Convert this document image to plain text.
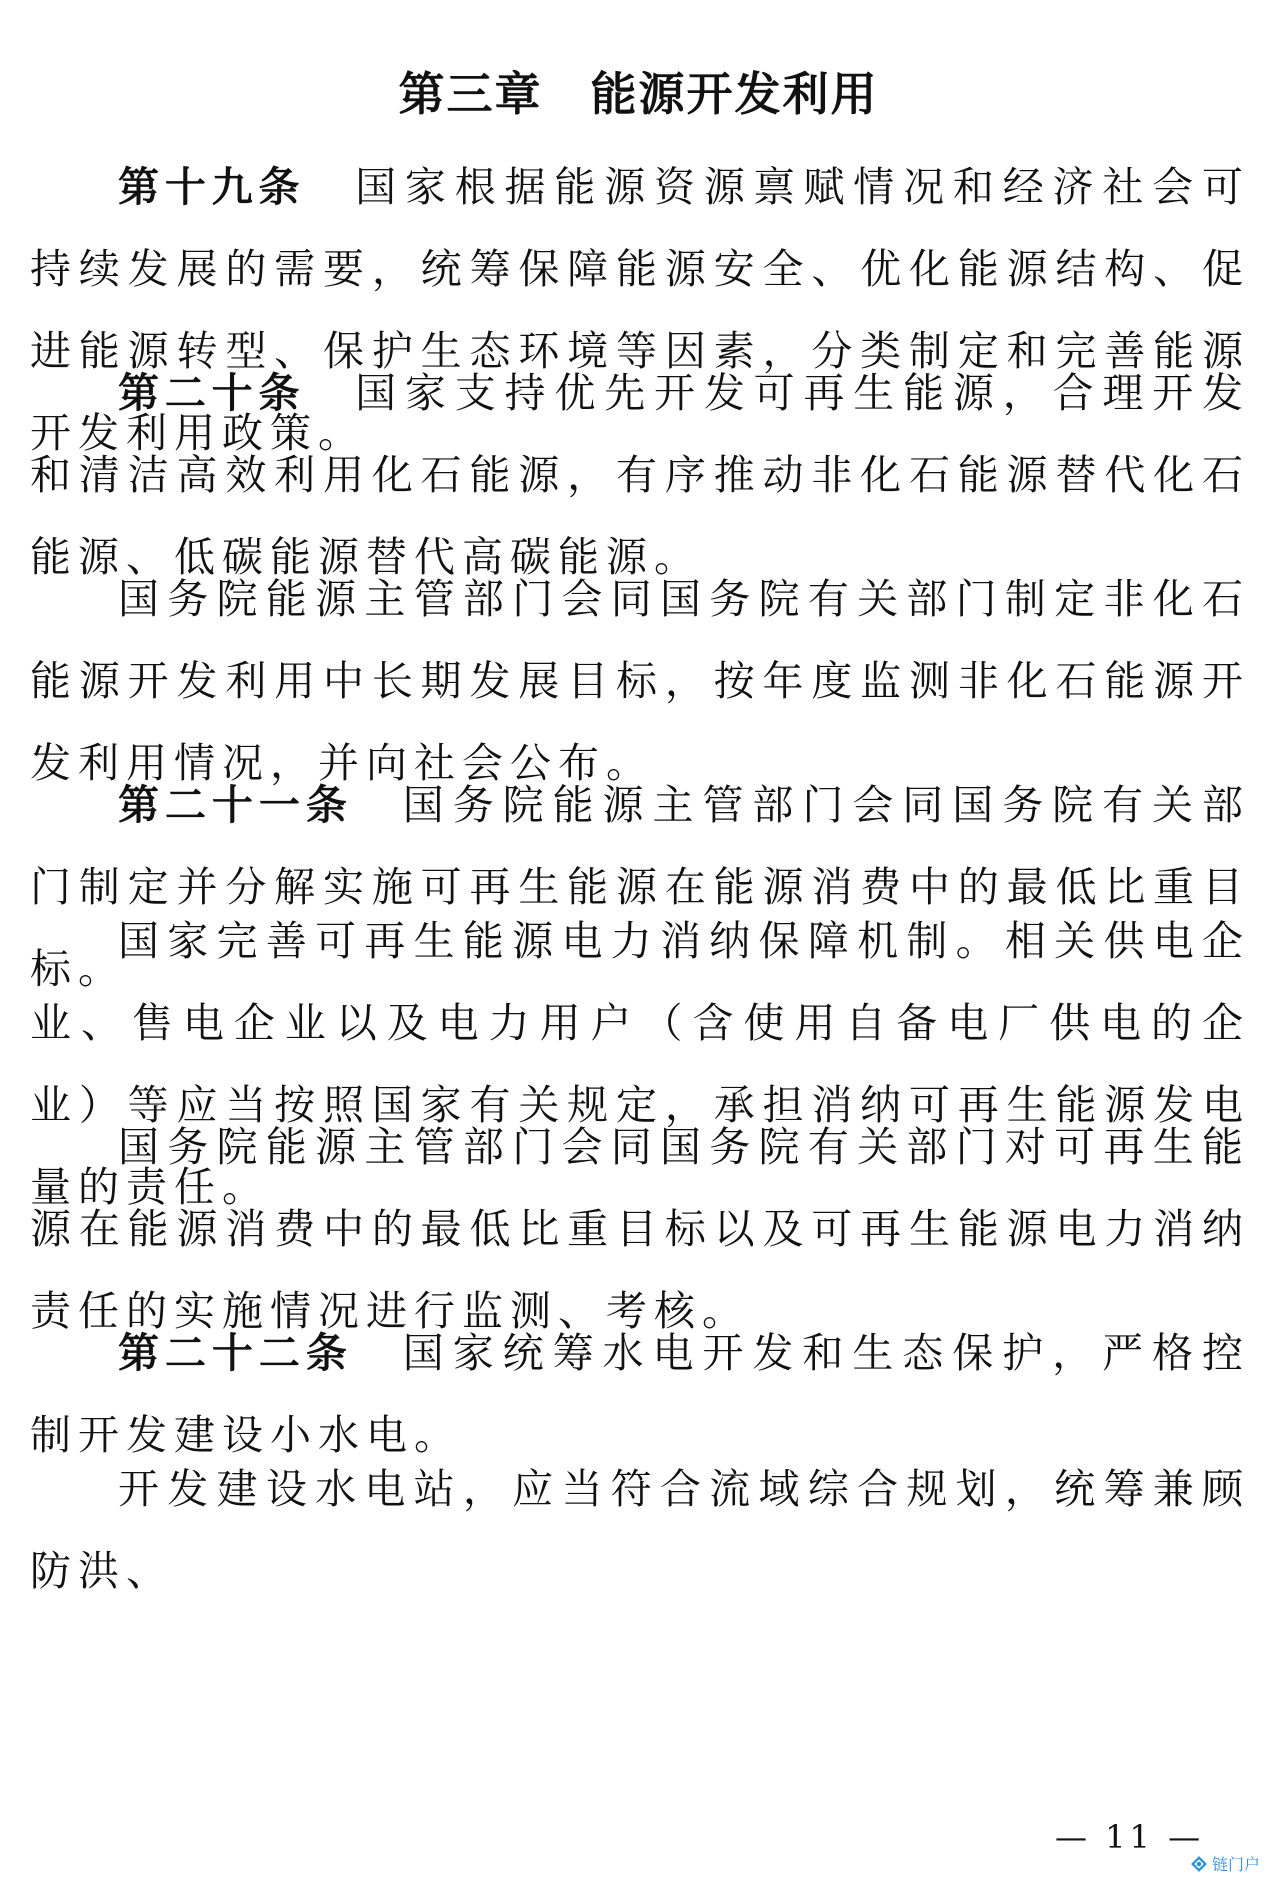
第三章　能源开发利用

第十九条 国家根据能源资源禀赋情况和经济社会可持续发展的需要，统筹保障能源安全、优化能源结构、促进能源转型、保护生态环境等因素，分类制定和完善能源开发利用政策。

第二十条 国家支持优先开发可再生能源，合理开发和清洁高效利用化石能源，有序推动非化石能源替代化石能源、低碳能源替代高碳能源。

国务院能源主管部门会同国务院有关部门制定非化石能源开发利用中长期发展目标，按年度监测非化石能源开发利用情况，并向社会公布。

第二十一条 国务院能源主管部门会同国务院有关部门制定并分解实施可再生能源在能源消费中的最低比重目标。

国家完善可再生能源电力消纳保障机制。相关供电企业、售电企业以及电力用户（含使用自备电厂供电的企业）等应当按照国家有关规定，承担消纳可再生能源发电量的责任。

国务院能源主管部门会同国务院有关部门对可再生能源在能源消费中的最低比重目标以及可再生能源电力消纳责任的实施情况进行监测、考核。

第二十二条 国家统筹水电开发和生态保护，严格控制开发建设小水电。

开发建设水电站，应当符合流域综合规划，统筹兼顾防洪、

— 11 —
链门户
